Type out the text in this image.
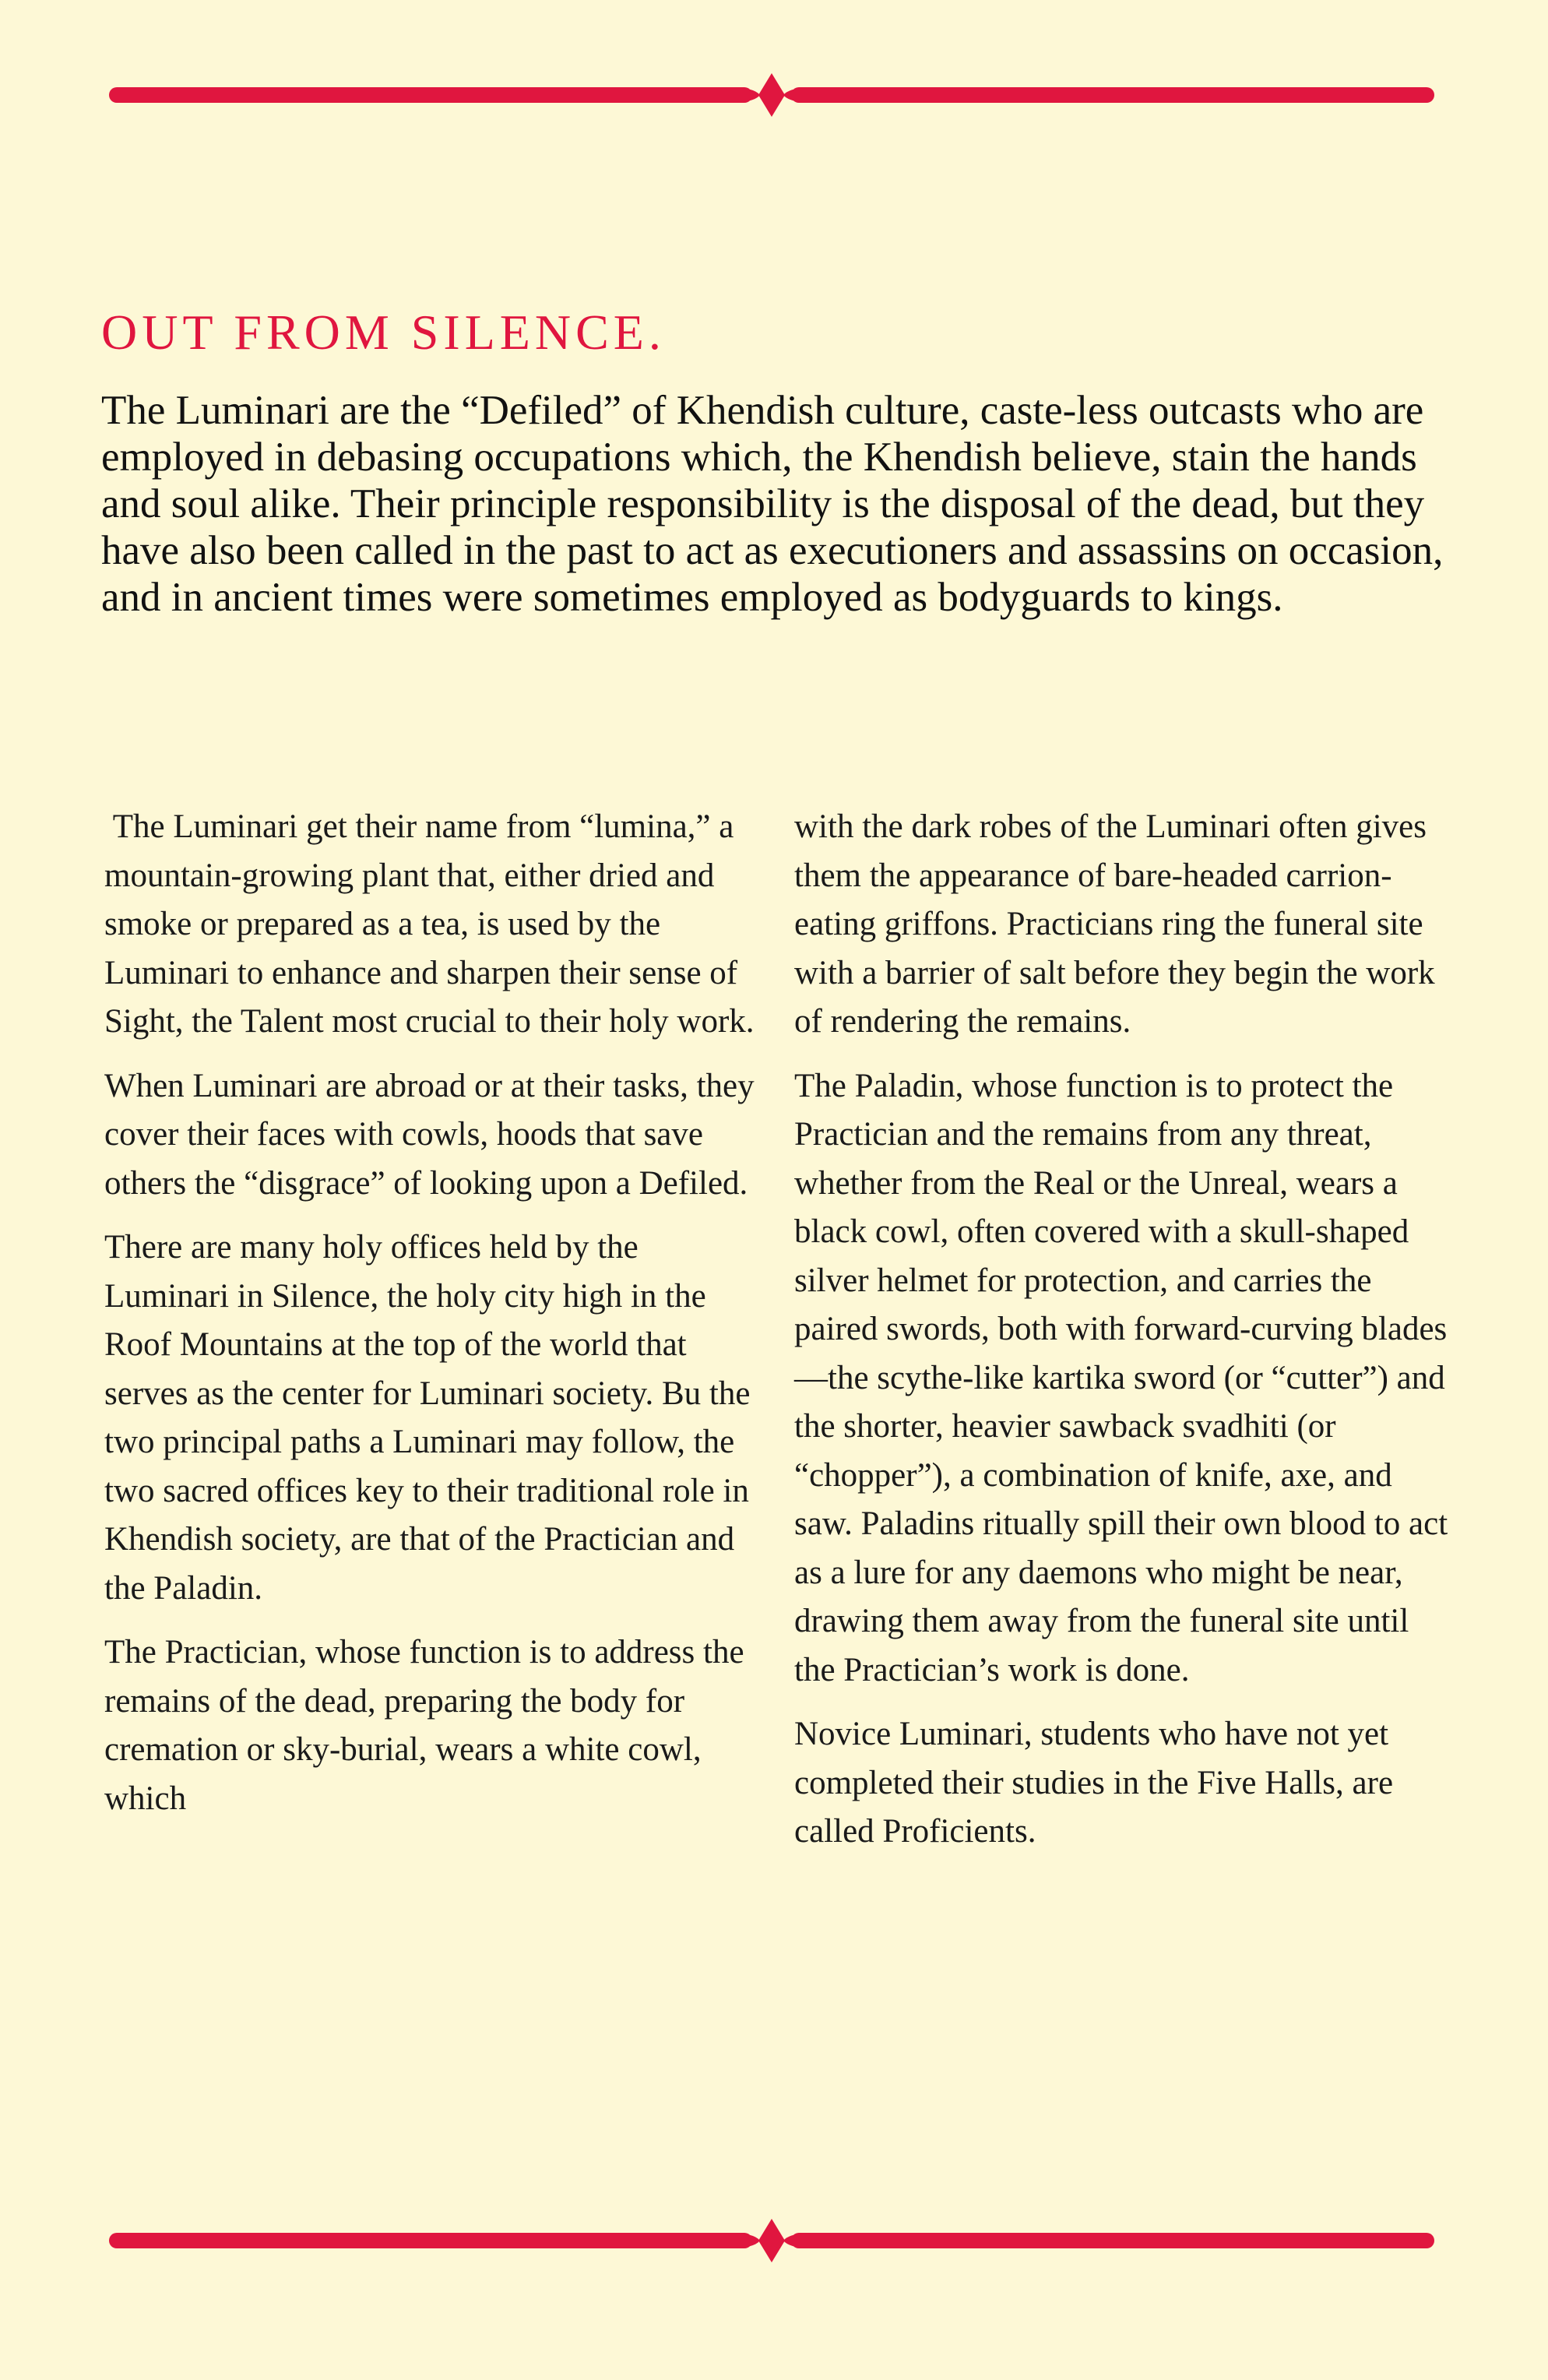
OUT FROM SILENCE.

The Luminari are the “Defiled” of Khendish culture, caste-less outcasts who are employed in debasing occupations which, the Khendish believe, stain the hands and soul alike. Their principle responsibility is the disposal of the dead, but they have also been called in the past to act as executioners and assassins on occasion, and in ancient times were sometimes employed as bodyguards to kings.

The Luminari get their name from “lumina,” a mountain-growing plant that, either dried and smoke or prepared as a tea, is used by the Luminari to enhance and sharpen their sense of Sight, the Talent most crucial to their holy work.

When Luminari are abroad or at their tasks, they cover their faces with cowls, hoods that save others the “disgrace” of looking upon a Defiled.

There are many holy offices held by the Luminari in Silence, the holy city high in the Roof Mountains at the top of the world that serves as the center for Luminari society. Bu the two principal paths a Luminari may follow, the two sacred offices key to their traditional role in Khendish society, are that of the Practician and the Paladin.

The Practician, whose function is to address the remains of the dead, preparing the body for cremation or sky-burial, wears a white cowl, which

with the dark robes of the Luminari often gives them the appearance of bare-headed carrion-eating griffons. Practicians ring the funeral site with a barrier of salt before they begin the work of rendering the remains.

The Paladin, whose function is to protect the Practician and the remains from any threat, whether from the Real or the Unreal, wears a black cowl, often covered with a skull-shaped silver helmet for protection, and carries the paired swords, both with forward-curving blades—the scythe-like kartika sword (or “cutter”) and the shorter, heavier sawback svadhiti (or “chopper”), a combination of knife, axe, and saw. Paladins ritually spill their own blood to act as a lure for any daemons who might be near, drawing them away from the funeral site until the Practician’s work is done.

Novice Luminari, students who have not yet completed their studies in the Five Halls, are called Proficients.
